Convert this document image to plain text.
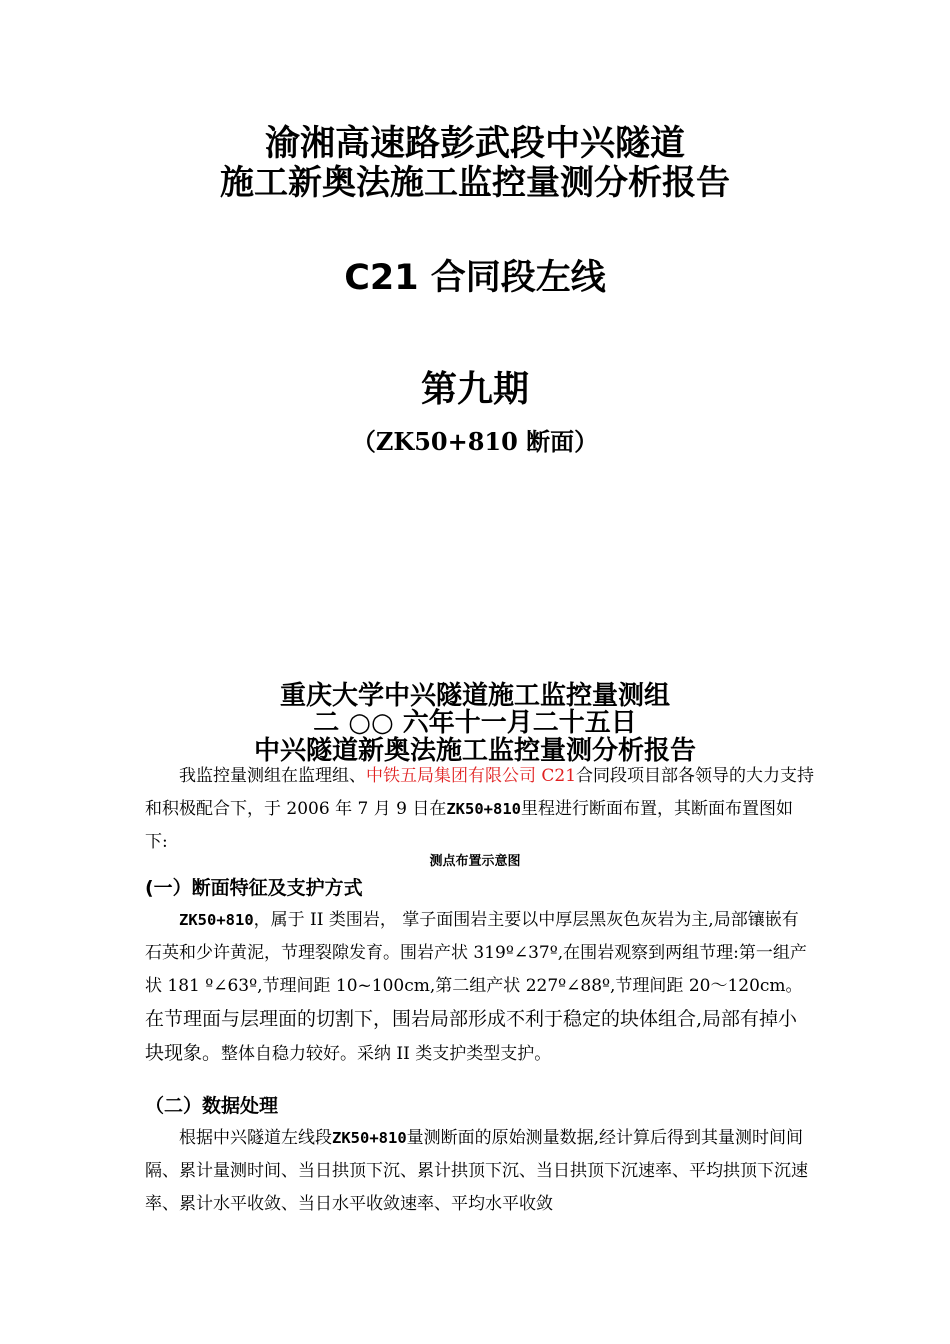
渝湘高速路彭武段中兴隧道
施工新奥法施工监控量测分析报告
C21 合同段左线
第九期
（ZK50+810 断面）
重庆大学中兴隧道施工监控量测组
二 ○○ 六年十一月二十五日
中兴隧道新奥法施工监控量测分析报告

我监控量测组在监理组、中铁五局集团有限公司 C21合同段项目部各领导的大力支持和积极配合下，于 2006 年 7 月 9 日在ZK50+810里程进行断面布置，其断面布置图如下:

测点布置示意图
(一）断面特征及支护方式

ZK50+810，属于 II 类围岩， 掌子面围岩主要以中厚层黑灰色灰岩为主,局部镶嵌有石英和少许黄泥，节理裂隙发育。围岩产状 319º∠37º,在围岩观察到两组节理:第一组产状 181 º∠63º,节理间距 10~100cm,第二组产状 227º∠88º,节理间距 20～120cm。在节理面与层理面的切割下，围岩局部形成不利于稳定的块体组合,局部有掉小块现象。整体自稳力较好。采纳 II 类支护类型支护。

（二）数据处理

根据中兴隧道左线段ZK50+810量测断面的原始测量数据,经计算后得到其量测时间间隔、累计量测时间、当日拱顶下沉、累计拱顶下沉、当日拱顶下沉速率、平均拱顶下沉速率、累计水平收敛、当日水平收敛速率、平均水平收敛
